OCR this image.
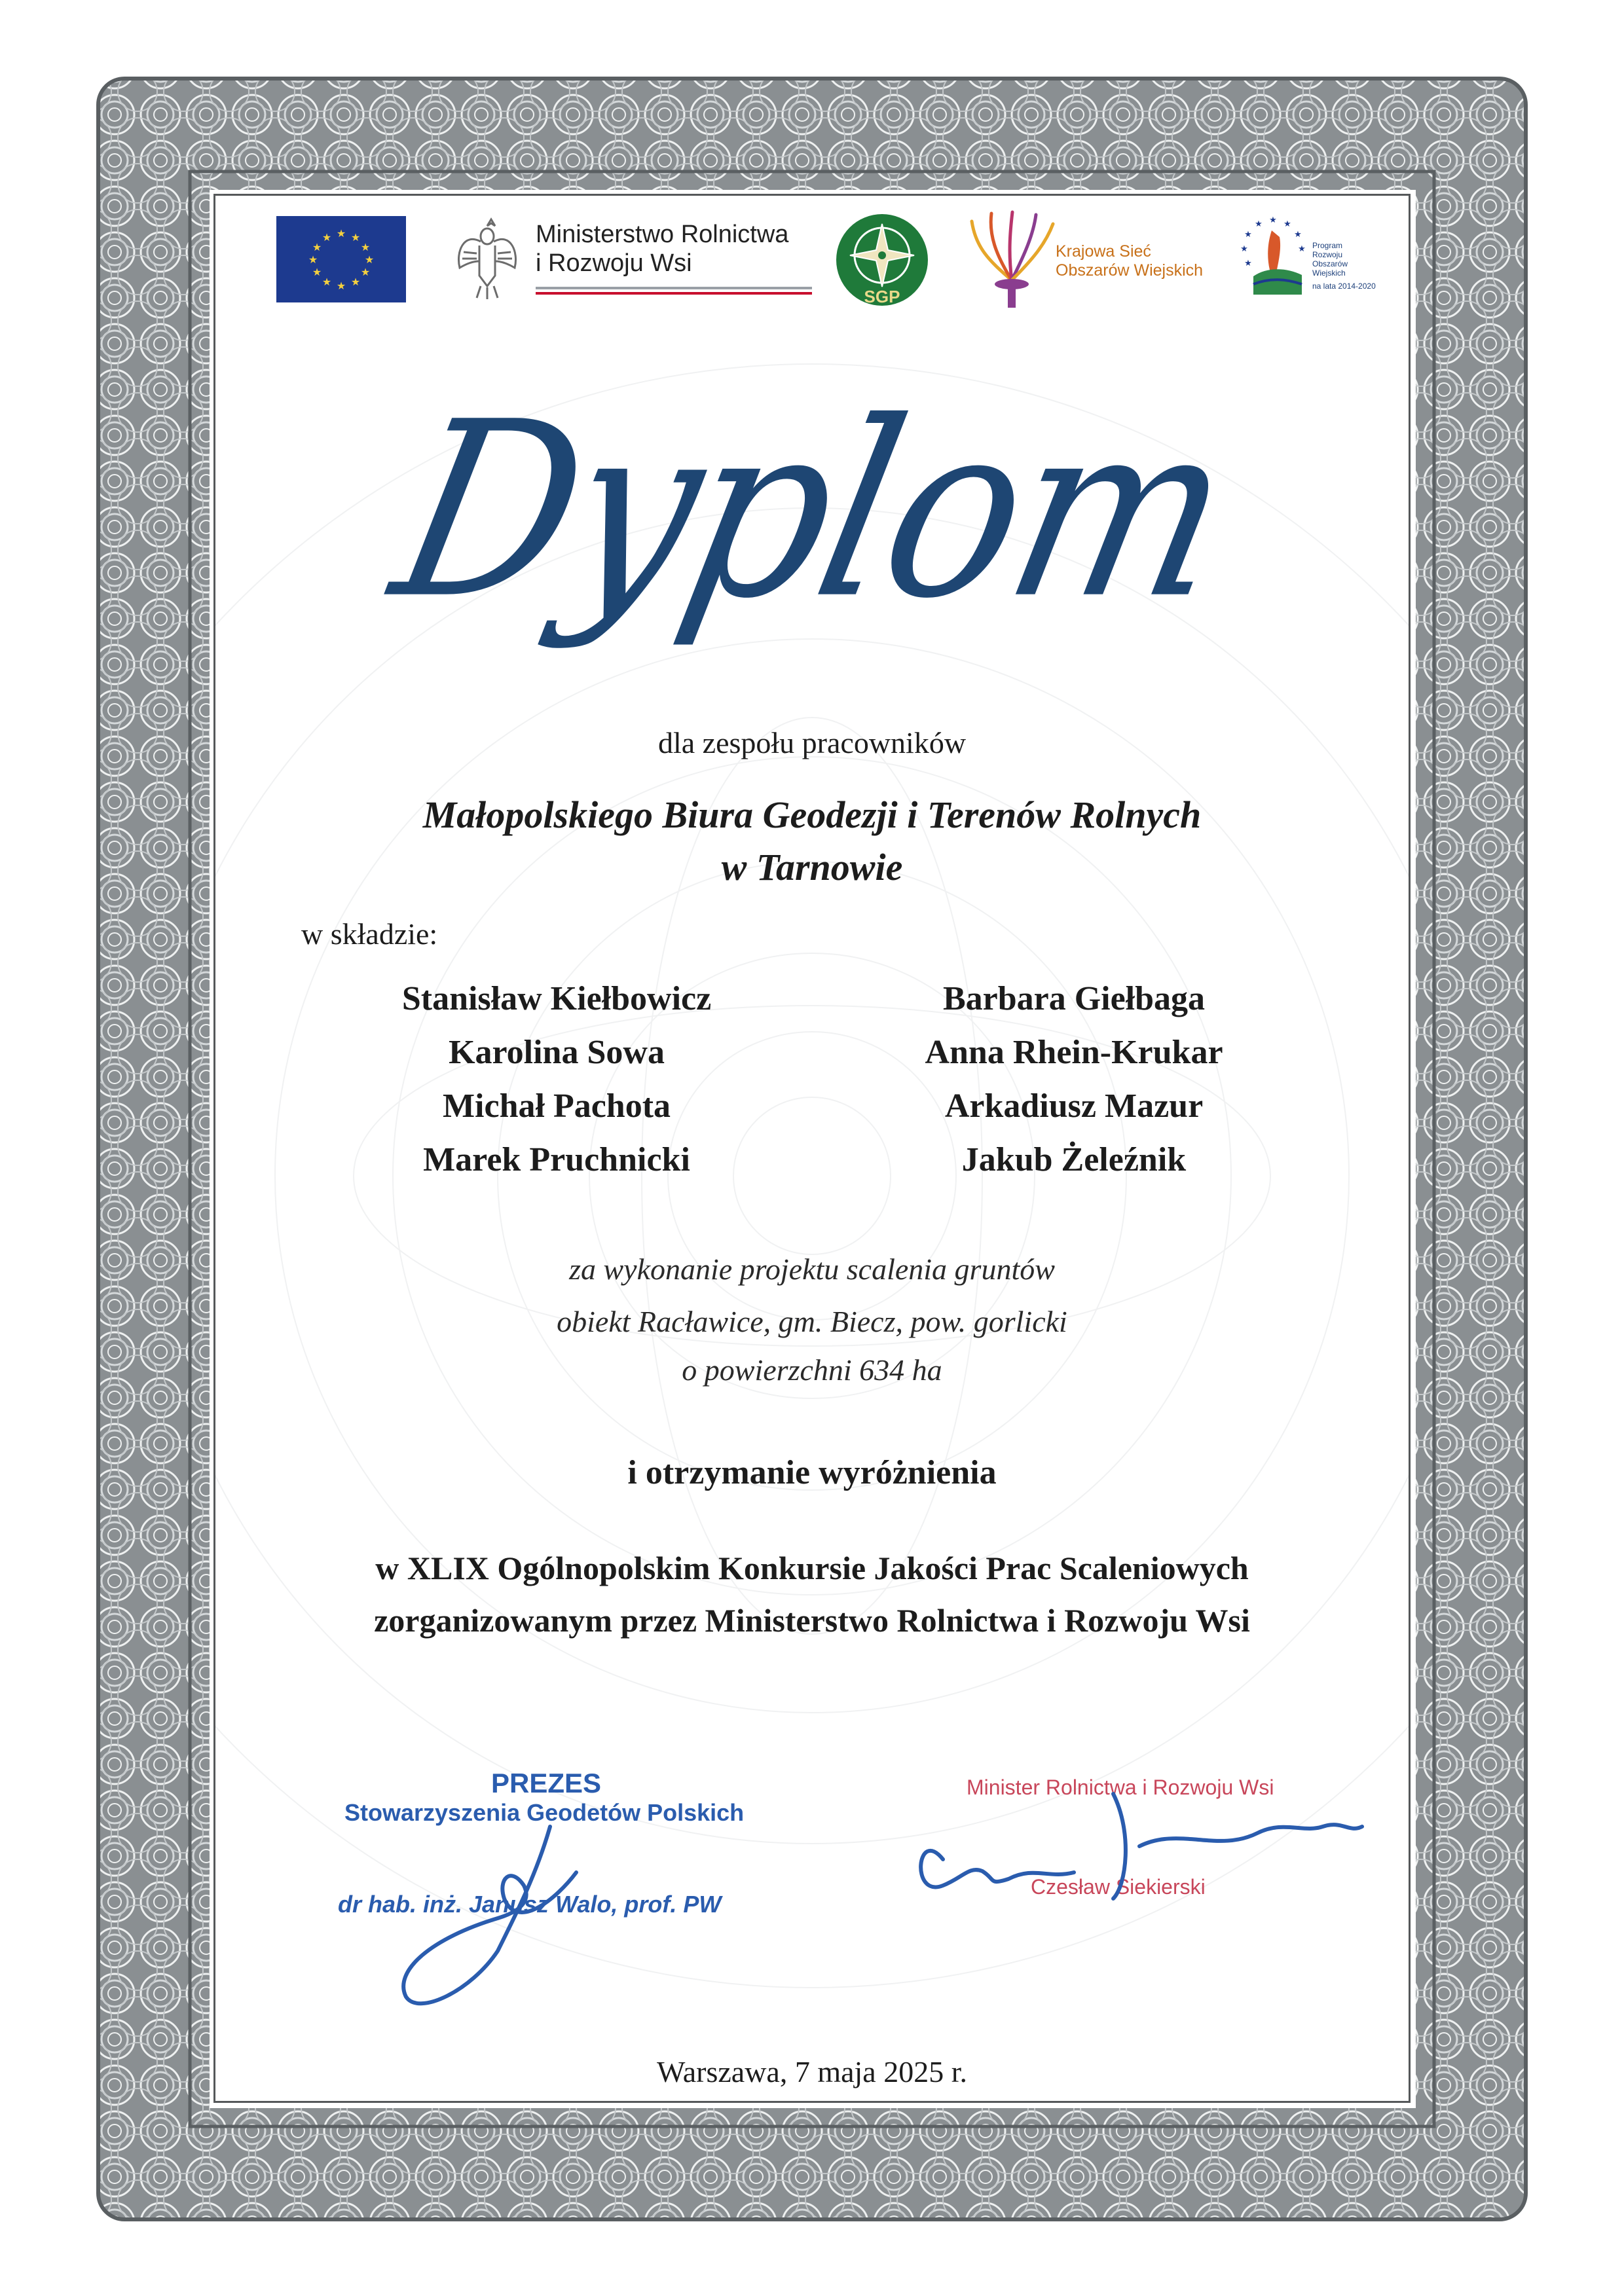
★ ★
★
★
★
★
★
★
★
★
★
★	Ministerstwo Rolnictwa
i Rozwoju Wsi
SGP
Krajowa Sieć
Obszarów Wiejskich
★ ★
★
★
★
★
★
★
Program
Rozwoju
Obszarów
Wiejskich
na lata 2014-2020
Dyplom
dla zespołu pracowników
Małopolskiego Biura Geodezji i Terenów Rolnych
w Tarnowie
w składzie:
Stanisław Kiełbowicz
Karolina Sowa
Michał Pachota
Marek Pruchnicki
Barbara Giełbaga
Anna Rhein-Krukar
Arkadiusz Mazur
Jakub Żeleźnik
za wykonanie projektu scalenia gruntów
obiekt Racławice, gm. Biecz, pow. gorlicki
o powierzchni 634 ha
i otrzymanie wyróżnienia
w XLIX Ogólnopolskim Konkursie Jakości Prac Scaleniowych
zorganizowanym przez Ministerstwo Rolnictwa i Rozwoju Wsi
PREZES
Stowarzyszenia Geodetów Polskich
dr hab. inż. Janusz Walo, prof. PW
Minister Rolnictwa i Rozwoju Wsi
Czesław Siekierski
Warszawa, 7 maja 2025 r.
